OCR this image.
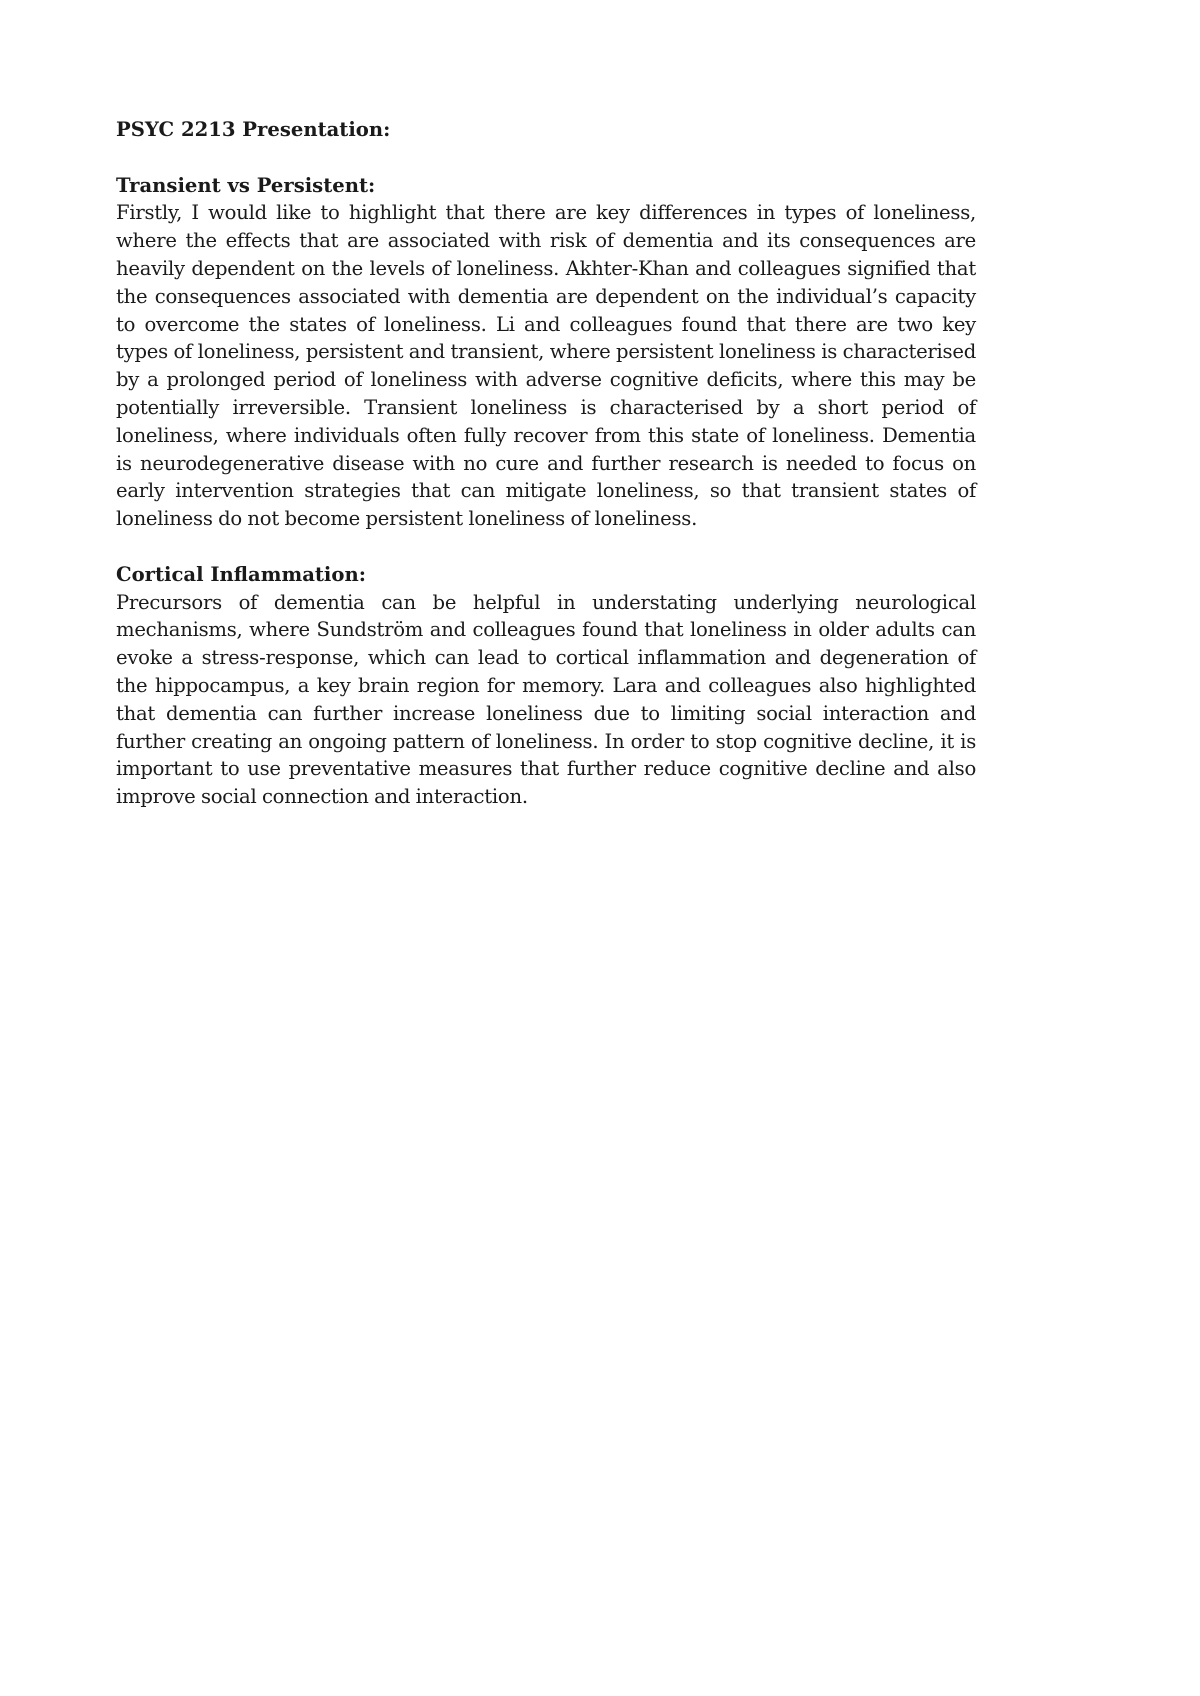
PSYC 2213 Presentation:

Transient vs Persistent:

Firstly, I would like to highlight that there are key differences in types of loneliness, where the effects that are associated with risk of dementia and its consequences are heavily dependent on the levels of loneliness. Akhter-Khan and colleagues signified that the consequences associated with dementia are dependent on the individual’s capacity to overcome the states of loneliness. Li and colleagues found that there are two key types of loneliness, persistent and transient, where persistent loneliness is characterised by a prolonged period of loneliness with adverse cognitive deficits, where this may be potentially irreversible. Transient loneliness is characterised by a short period of loneliness, where individuals often fully recover from this state of loneliness. Dementia is neurodegenerative disease with no cure and further research is needed to focus on early intervention strategies that can mitigate loneliness, so that transient states of loneliness do not become persistent loneliness of loneliness.

Cortical Inflammation:

Precursors of dementia can be helpful in understating underlying neurological mechanisms, where Sundström and colleagues found that loneliness in older adults can evoke a stress-response, which can lead to cortical inflammation and degeneration of the hippocampus, a key brain region for memory. Lara and colleagues also highlighted that dementia can further increase loneliness due to limiting social interaction and further creating an ongoing pattern of loneliness. In order to stop cognitive decline, it is important to use preventative measures that further reduce cognitive decline and also improve social connection and interaction.
